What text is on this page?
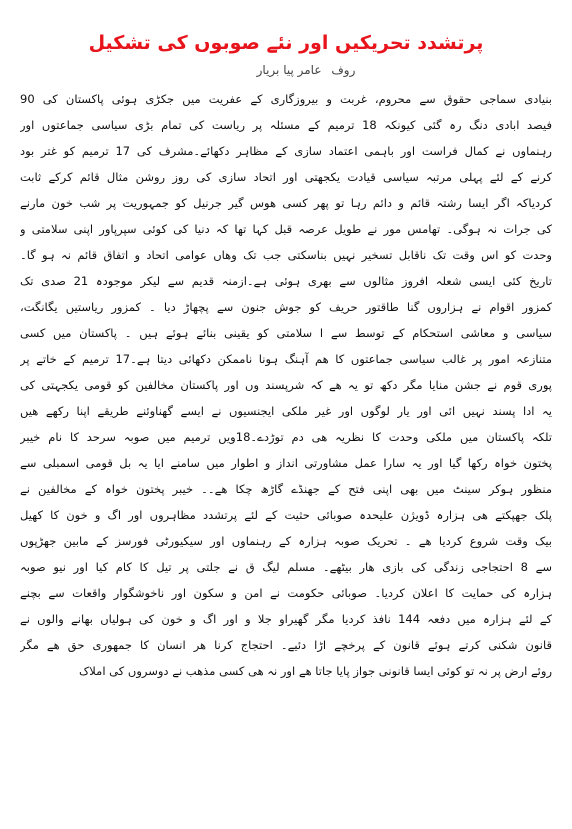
پرتشدد تحریکیں اور نئے صوبوں کی تشکیل
روف عامر پیا بریار
بنیادی سماجی حقوق سے محروم، غربت و بیروزگاری کے عفریت میں جکڑی ہوئی پاکستان کی 90
فیصد ابادی دنگ رہ گئی کیونکہ 18 ترمیم کے مسئلہ پر ریاست کی تمام بڑی سیاسی جماعتوں اور
رہنماوں نے کمال فراست اور باہمی اعتماد سازی کے مظاہر دکھائے۔مشرف کی 17 ترمیم کو غتر بود
کرنے کے لئے پہلی مرتبہ سیاسی قیادت یکجھتی اور اتحاد سازی کی روز روشن مثال قائم کرکے ثابت
کردیاکہ اگر ایسا رشتہ قائم و دائم رہا تو پھر کسی ھوس گیر جرنیل کو جمہوریت پر شب خون مارنے
کی جرات نہ ہوگی۔ تھامس مور نے طویل عرصہ قبل کہا تھا کہ دنیا کی کوئی سپرپاور اپنی سلامتی و
وحدت کو اس وقت تک ناقابل تسخیر نہیں بناسکتی جب تک وھاں عوامی اتحاد و اتفاق قائم نہ ہو گا۔
تاریخ کئی ایسی شعلہ افروز مثالوں سے بھری ہوئی ہے۔ازمنہ قدیم سے لیکر موجودہ 21 صدی تک
کمزور اقوام نے ہزاروں گنا طاقتور حریف کو جوش جنون سے پچھاڑ دیا ۔ کمزور ریاستیں یگانگت،
سیاسی و معاشی استحکام کے توسط سے ا سلامتی کو یقینی بنائے ہوئے ہیں ۔ پاکستان میں کسی
متنازعہ امور پر غالب سیاسی جماعتوں کا ھم آہنگ ہونا ناممکن دکھائی دیتا ہے۔17 ترمیم کے خاتے پر
پوری قوم نے جشن منایا مگر دکھ تو یہ ھے کہ شرپسند وں اور پاکستان مخالفین کو قومی یکجہتی کی
یہ ادا پسند نہیں ائی اور یار لوگوں اور غیر ملکی ایجنسیوں نے ایسے گھناوئنے طریقے اپنا رکھے ھیں
تلکہ پاکستان میں ملکی وحدت کا نظریہ ھی دم توڑدے۔18ویں ترمیم میں صوبہ سرحد کا نام خیبر
پختون خواہ رکھا گیا اور یہ سارا عمل مشاورتی انداز و اطوار میں سامنے ایا یہ بل قومی اسمبلی سے
منظور ہوکر سینٹ میں بھی اپنی فتح کے جھنڈے گاڑھ چکا ھے۔۔ خیبر پختون خواہ کے مخالفین نے
پلک جھپکتے ھی ہزارہ ڈویژن علیحدہ صوبائی حثیت کے لئے پرتشدد مظاہروں اور اگ و خون کا کھیل
بیک وقت شروع کردیا ھے ۔ تحریک صوبہ ہزارہ کے رہنماوں اور سیکیورٹی فورسز کے مابین جھڑپوں
سے 8 احتجاجی زندگی کی بازی ھار بیٹھے۔ مسلم لیگ ق نے جلتی پر تیل کا کام کیا اور نیو صوبہ
ہزارہ کی حمایت کا اعلان کردیا۔ صوبائی حکومت نے امن و سکون اور ناخوشگوار واقعات سے بچنے
کے لئے ہزارہ میں دفعہ 144 نافذ کردیا مگر گھیراو جلا و اور اگ و خون کی ہولیاں بھانے والوں نے
قانون شکنی کرتے ہوئے قانون کے پرخچے اڑا دئیے۔ احتجاج کرنا ھر انسان کا جمھوری حق ھے مگر
روئے ارض پر نہ تو کوئی ایسا قانونی جواز پایا جاتا ھے اور نہ ھی کسی مذھب نے دوسروں کی املاک
